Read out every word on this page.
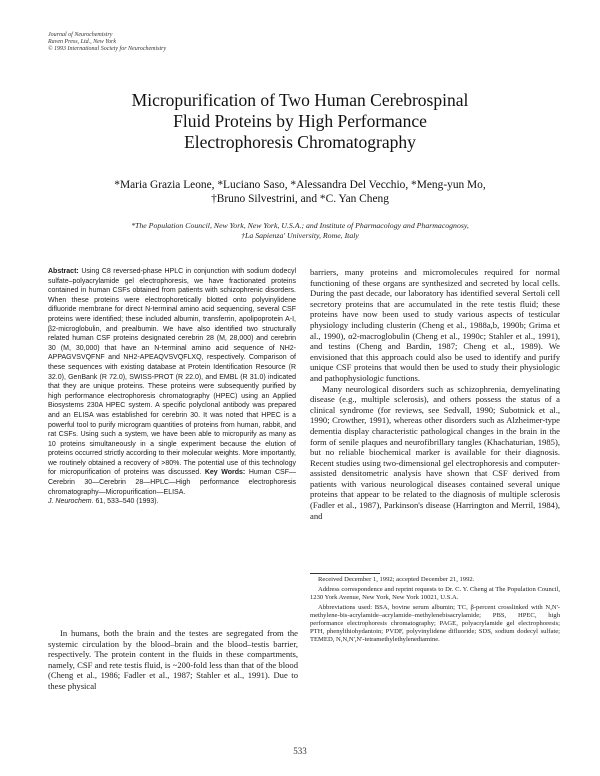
Journal of Neurochemistry
Raven Press, Ltd., New York
© 1993 International Society for Neurochemistry
Micropurification of Two Human Cerebrospinal
Fluid Proteins by High Performance
Electrophoresis Chromatography
*Maria Grazia Leone, *Luciano Saso, *Alessandra Del Vecchio, *Meng-yun Mo,
†Bruno Silvestrini, and *C. Yan Cheng
*The Population Council, New York, New York, U.S.A.; and Institute of Pharmacology and Pharmacognosy,
†La Sapienza' University, Rome, Italy
Abstract: Using C8 reversed-phase HPLC in conjunction with sodium dodecyl sulfate–polyacrylamide gel electrophoresis, we have fractionated proteins contained in human CSFs obtained from patients with schizophrenic disorders. When these proteins were electrophoretically blotted onto polyvinylidene difluoride membrane for direct N-terminal amino acid sequencing, several CSF proteins were identified; these included albumin, transferrin, apolipoprotein A-I, β2-microglobulin, and prealbumin. We have also identified two structurally related human CSF proteins designated cerebrin 28 (M, 28,000) and cerebrin 30 (M, 30,000) that have an N-terminal amino acid sequence of NH2-APPAGVSVQFNF and NH2-APEAQVSVQFLXQ, respectively. Comparison of these sequences with existing database at Protein Identification Resource (R 32.0), GenBank (R 72.0), SWISS-PROT (R 22.0), and EMBL (R 31.0) indicated that they are unique proteins. These proteins were subsequently purified by high performance electrophoresis chromatography (HPEC) using an Applied Biosystems 230A HPEC system. A specific polyclonal antibody was prepared and an ELISA was established for cerebrin 30. It was noted that HPEC is a powerful tool to purify microgram quantities of proteins from human, rabbit, and rat CSFs. Using such a system, we have been able to micropurify as many as 10 proteins simultaneously in a single experiment because the elution of proteins occurred strictly according to their molecular weights. More importantly, we routinely obtained a recovery of >80%. The potential use of this technology for micropurification of proteins was discussed. Key Words: Human CSF—Cerebrin 30—Cerebrin 28—HPLC—High performance electrophoresis chromatography—Micropurification—ELISA.
J. Neurochem. 61, 533–540 (1993).
In humans, both the brain and the testes are segregated from the systemic circulation by the blood–brain and the blood–testis barrier, respectively. The protein content in the fluids in these compartments, namely, CSF and rete testis fluid, is ~200-fold less than that of the blood (Cheng et al., 1986; Fadler et al., 1987; Stahler et al., 1991). Due to these physical

barriers, many proteins and micromolecules required for normal functioning of these organs are synthesized and secreted by local cells. During the past decade, our laboratory has identified several Sertoli cell secretory proteins that are accumulated in the rete testis fluid; these proteins have now been used to study various aspects of testicular physiology including clusterin (Cheng et al., 1988a,b, 1990b; Grima et al., 1990), α2-macroglobulin (Cheng et al., 1990c; Stahler et al., 1991), and testins (Cheng and Bardin, 1987; Cheng et al., 1989). We envisioned that this approach could also be used to identify and purify unique CSF proteins that would then be used to study their physiologic and pathophysiologic functions.

Many neurological disorders such as schizophrenia, demyelinating disease (e.g., multiple sclerosis), and others possess the status of a clinical syndrome (for reviews, see Sedvall, 1990; Subotnick et al., 1990; Crowther, 1991), whereas other disorders such as Alzheimer-type dementia display characteristic pathological changes in the brain in the form of senile plaques and neurofibrillary tangles (Khachaturian, 1985), but no reliable biochemical marker is available for their diagnosis. Recent studies using two-dimensional gel electrophoresis and computer-assisted densitometric analysis have shown that CSF derived from patients with various neurological diseases contained several unique proteins that appear to be related to the diagnosis of multiple sclerosis (Fadler et al., 1987), Parkinson's disease (Harrington and Merril, 1984), and

Received December 1, 1992; accepted December 21, 1992.

Address correspondence and reprint requests to Dr. C. Y. Cheng at The Population Council, 1230 York Avenue, New York, New York 10021, U.S.A.

Abbreviations used: BSA, bovine serum albumin; TC, β-percent crosslinked with N,N'-methylene-bis-acrylamide–acrylamide–methylenebisacrylamide; PBS, HPEC, high performance electrophoresis chromatography; PAGE, polyacrylamide gel electrophoresis; PTH, phenylthiohydantoin; PVDF, polyvinylidene difluoride; SDS, sodium dodecyl sulfate; TEMED, N,N,N',N'-tetramethylethylenediamine.

533
